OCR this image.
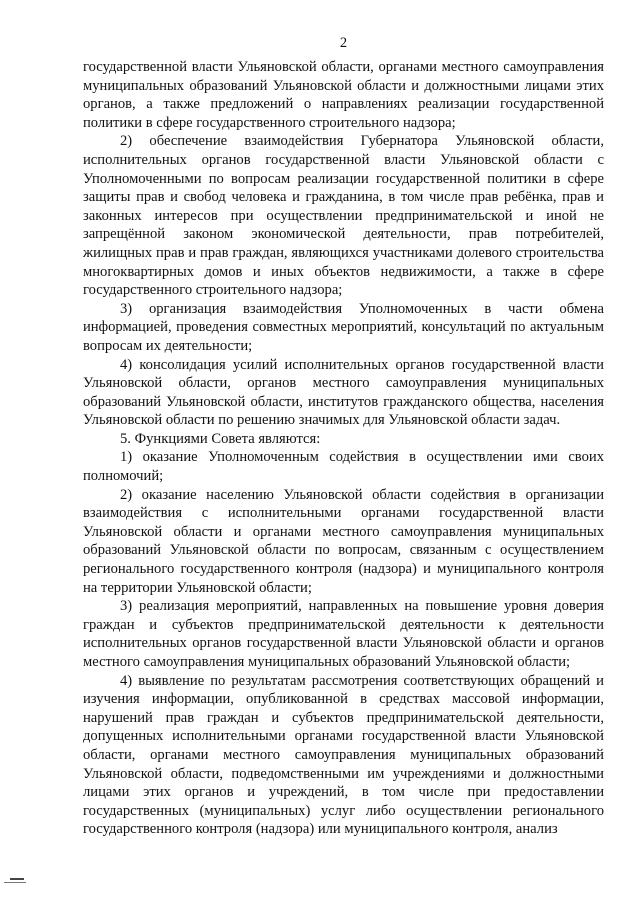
2

государственной власти Ульяновской области, органами местного самоуправления муниципальных образований Ульяновской области и должностными лицами этих органов, а также предложений о направлениях реализации государственной политики в сфере государственного строительного надзора;

2) обеспечение взаимодействия Губернатора Ульяновской области, исполнительных органов государственной власти Ульяновской области с Уполномоченными по вопросам реализации государственной политики в сфере защиты прав и свобод человека и гражданина, в том числе прав ребёнка, прав и законных интересов при осуществлении предпринимательской и иной не запрещённой законом экономической деятельности, прав потребителей, жилищных прав и прав граждан, являющихся участниками долевого строительства многоквартирных домов и иных объектов недвижимости, а также в сфере государственного строительного надзора;

3) организация взаимодействия Уполномоченных в части обмена информацией, проведения совместных мероприятий, консультаций по актуальным вопросам их деятельности;

4) консолидация усилий исполнительных органов государственной власти Ульяновской области, органов местного самоуправления муниципальных образований Ульяновской области, институтов гражданского общества, населения Ульяновской области по решению значимых для Ульяновской области задач.

5. Функциями Совета являются:

1) оказание Уполномоченным содействия в осуществлении ими своих полномочий;

2) оказание населению Ульяновской области содействия в организации взаимодействия с исполнительными органами государственной власти Ульяновской области и органами местного самоуправления муниципальных образований Ульяновской области по вопросам, связанным с осуществлением регионального государственного контроля (надзора) и муниципального контроля на территории Ульяновской области;

3) реализация мероприятий, направленных на повышение уровня доверия граждан и субъектов предпринимательской деятельности к деятельности исполнительных органов государственной власти Ульяновской области и органов местного самоуправления муниципальных образований Ульяновской области;

4) выявление по результатам рассмотрения соответствующих обращений и изучения информации, опубликованной в средствах массовой информации, нарушений прав граждан и субъектов предпринимательской деятельности, допущенных исполнительными органами государственной власти Ульяновской области, органами местного самоуправления муниципальных образований Ульяновской области, подведомственными им учреждениями и должностными лицами этих органов и учреждений, в том числе при предоставлении государственных (муниципальных) услуг либо осуществлении регионального государственного контроля (надзора) или муниципального контроля, анализ
